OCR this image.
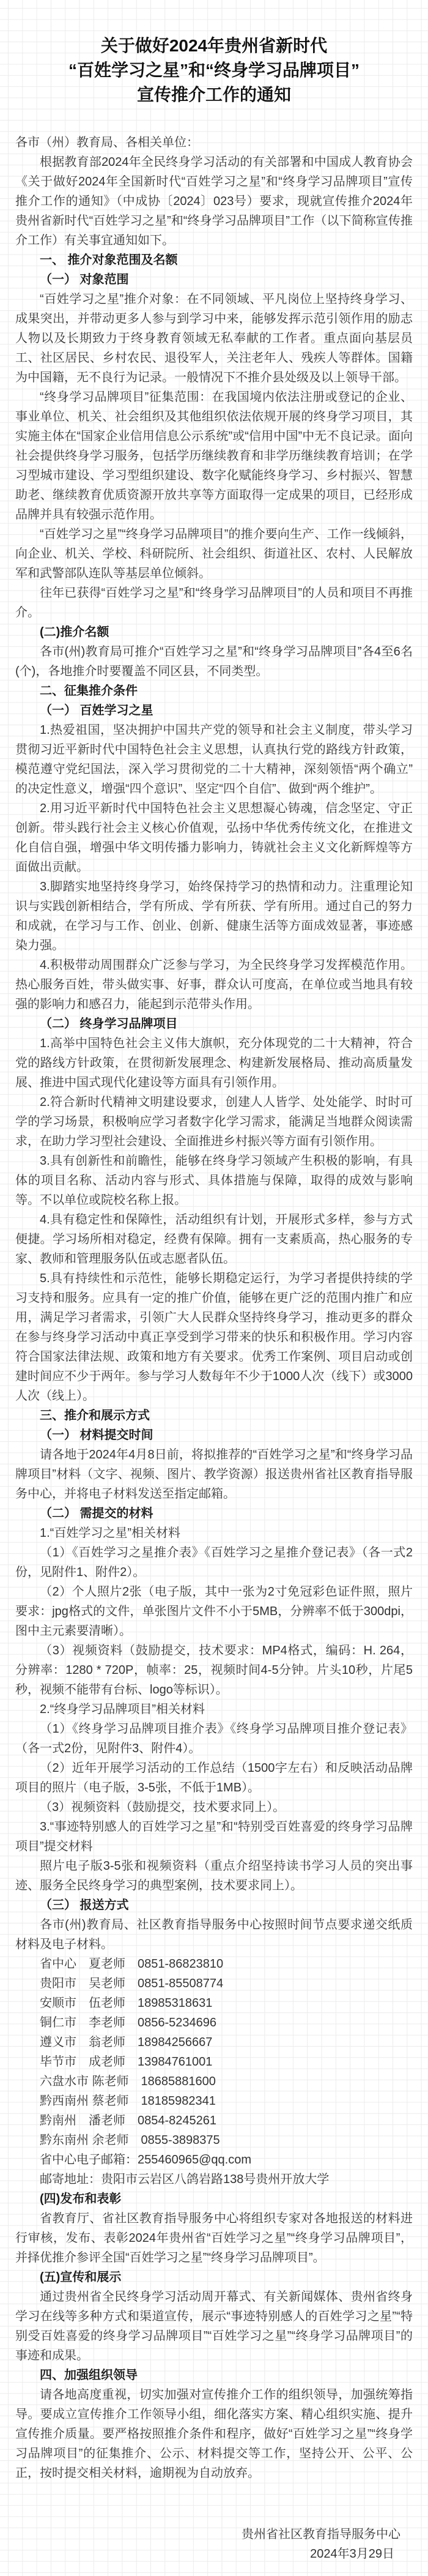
关于做好2024年贵州省新时代

“百姓学习之星”和“终身学习品牌项目”

宣传推介工作的通知

各市（州）教育局、各相关单位：

根据教育部2024年全民终身学习活动的有关部署和中国成人教育协会《关于做好2024年全国新时代“百姓学习之星”和“终身学习品牌项目”宣传推介工作的通知》（中成协〔2024〕023号）要求，现就宣传推介2024年贵州省新时代“百姓学习之星”和“终身学习品牌项目”工作（以下简称宣传推介工作）有关事宜通知如下。

一、 推介对象范围及名额

（一） 对象范围

“百姓学习之星”推介对象：在不同领域、平凡岗位上坚持终身学习、成果突出，并带动更多人参与到学习中来，能够发挥示范引领作用的励志人物以及长期致力于终身教育领域无私奉献的工作者。重点面向基层员工、社区居民、乡村农民、退役军人，关注老年人、残疾人等群体。国籍为中国籍，无不良行为记录。一般情况下不推介县处级及以上领导干部。

“终身学习品牌项目”征集范围：在我国境内依法注册或登记的企业、事业单位、机关、社会组织及其他组织依法依规开展的终身学习项目，其实施主体在“国家企业信用信息公示系统”或“信用中国”中无不良记录。面向社会提供终身学习服务，包括学历继续教育和非学历继续教育培训；在学习型城市建设、学习型组织建设、数字化赋能终身学习、乡村振兴、智慧助老、继续教育优质资源开放共享等方面取得一定成果的项目，已经形成品牌并具有较强示范作用。

“百姓学习之星”“终身学习品牌项目”的推介要向生产、工作一线倾斜，向企业、机关、学校、科研院所、社会组织、街道社区、农村、人民解放军和武警部队连队等基层单位倾斜。

往年已获得“百姓学习之星”和“终身学习品牌项目”的人员和项目不再推介。

(二)推介名额

各市(州)教育局可推介“百姓学习之星”和“终身学习品牌项目”各4至6名(个)，各地推介时要覆盖不同区县，不同类型。

二、征集推介条件

（一） 百姓学习之星

1.热爱祖国，坚决拥护中国共产党的领导和社会主义制度，带头学习贯彻习近平新时代中国特色社会主义思想，认真执行党的路线方针政策，模范遵守党纪国法，深入学习贯彻党的二十大精神，深刻领悟“两个确立”的决定性意义，增强“四个意识”、坚定“四个自信”、做到“两个维护”。

2.用习近平新时代中国特色社会主义思想凝心铸魂，信念坚定、守正创新。带头践行社会主义核心价值观，弘扬中华优秀传统文化，在推进文化自信自强，增强中华文明传播力影响力，铸就社会主义文化新辉煌等方面做出贡献。

3.脚踏实地坚持终身学习，始终保持学习的热情和动力。注重理论知识与实践创新相结合，学有所成、学有所获、学有所用。通过自己的努力和成就，在学习与工作、创业、创新、健康生活等方面成效显著，事迹感染力强。

4.积极带动周围群众广泛参与学习，为全民终身学习发挥模范作用。热心服务百姓，带头做实事、好事，群众认可度高，在单位或当地具有较强的影响力和感召力，能起到示范带头作用。

（二） 终身学习品牌项目

1.高举中国特色社会主义伟大旗帜，充分体现党的二十大精神，符合党的路线方针政策，在贯彻新发展理念、构建新发展格局、推动高质量发展、推进中国式现代化建设等方面具有引领作用。

2.符合新时代精神文明建设要求，创建人人皆学、处处能学、时时可学的学习场景，积极响应学习者数字化学习需求，能满足当地群众阅读需求，在助力学习型社会建设、全面推进乡村振兴等方面有引领作用。

3.具有创新性和前瞻性，能够在终身学习领域产生积极的影响，有具体的项目名称、活动内容与形式、具体措施与保障，取得的成效与影响等。不以单位或院校名称上报。

4.具有稳定性和保障性，活动组织有计划，开展形式多样，参与方式便捷。学习场所相对稳定，经费有保障。拥有一支素质高，热心服务的专家、教师和管理服务队伍或志愿者队伍。

5.具有持续性和示范性，能够长期稳定运行，为学习者提供持续的学习支持和服务。应具有一定的推广价值，能够在更广泛的范围内推广和应用，满足学习者需求，引领广大人民群众坚持终身学习，推动更多的群众在参与终身学习活动中真正享受到学习带来的快乐和积极作用。学习内容符合国家法律法规、政策和地方有关要求。优秀工作案例、项目启动或创建时间应不少于两年。参与学习人数每年不少于1000人次（线下）或3000人次（线上）。

三、推介和展示方式

（一） 材料提交时间

请各地于2024年4月8日前，将拟推荐的“百姓学习之星”和“终身学习品牌项目”材料（文字、视频、图片、教学资源）报送贵州省社区教育指导服务中心，并将电子材料发送至指定邮箱。

（二） 需提交的材料

1.“百姓学习之星”相关材料

（1）《百姓学习之星推介表》《百姓学习之星推介登记表》（各一式2份，见附件1、附件2）。

（2）个人照片2张（电子版，其中一张为2寸免冠彩色证件照，照片要求：jpg格式的文件，单张图片文件不小于5MB，分辨率不低于300dpi，图中主元素要清晰）。

（3）视频资料（鼓励提交，技术要求：MP4格式，编码：H. 264，分辨率：1280 * 720P，帧率：25，视频时间4-5分钟。片头10秒，片尾5秒，视频不能带有台标、logo等标识）。

2.“终身学习品牌项目”相关材料

（1）《终身学习品牌项目推介表》《终身学习品牌项目推介登记表》（各一式2份，见附件3、附件4）。

（2）近年开展学习活动的工作总结（1500字左右）和反映活动品牌项目的照片（电子版，3-5张，不低于1MB）。

（3）视频资料（鼓励提交，技术要求同上）。

3.“事迹特别感人的百姓学习之星”和“特别受百姓喜爱的终身学习品牌项目”提交材料

照片电子版3-5张和视频资料（重点介绍坚持读书学习人员的突出事迹、服务全民终身学习的典型案例，技术要求同上）。

（三） 报送方式

各市(州)教育局、社区教育指导服务中心按照时间节点要求递交纸质材料及电子材料。

省中心　夏老师　0851-86823810

贵阳市　吴老师　0851-85508774

安顺市　伍老师　18985318631

铜仁市　李老师　0856-5234696

遵义市　翁老师　18984256667

毕节市　成老师　13984761001

六盘水市 陈老师　18685881600

黔西南州 蔡老师　18185982341

黔南州　潘老师　0854-8245261

黔东南州 余老师　0855-3898375

省中心电子邮箱：255460965@qq.com

邮寄地址：贵阳市云岩区八鸽岩路138号贵州开放大学

(四)发布和表彰

省教育厅、省社区教育指导服务中心将组织专家对各地报送的材料进行审核，发布、表彰2024年贵州省“百姓学习之星”“终身学习品牌项目”，并择优推介参评全国“百姓学习之星”“终身学习品牌项目”。

(五)宣传和展示

通过贵州省全民终身学习活动周开幕式、有关新闻媒体、贵州省终身学习在线等多种方式和渠道宣传，展示“事迹特别感人的百姓学习之星”“特别受百姓喜爱的终身学习品牌项目”“百姓学习之星”“终身学习品牌项目”的事迹和成果。

四、加强组织领导

请各地高度重视，切实加强对宣传推介工作的组织领导，加强统筹指导。要成立宣传推介工作领导小组，细化落实方案、精心组织实施、提升宣传推介质量。要严格按照推介条件和程序，做好“百姓学习之星”“终身学习品牌项目”的征集推介、公示、材料提交等工作，坚持公开、公平、公正，按时提交相关材料，逾期视为自动放弃。

贵州省社区教育指导服务中心

2024年3月29日
